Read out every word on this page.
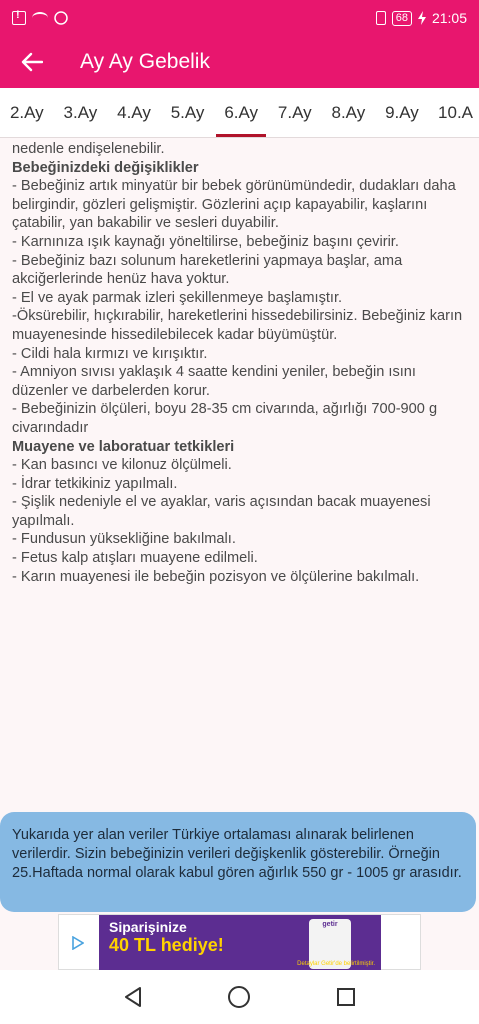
!
68 21:05
Ay Ay Gebelik
2.Ay	3.Ay	4.Ay	5.Ay	6.Ay	7.Ay	8.Ay	9.Ay	10.A

nedenle endişelenebilir.

Bebeğinizdeki değişiklikler

- Bebeğiniz artık minyatür bir bebek görünümündedir, dudakları daha belirgindir, gözleri gelişmiştir. Gözlerini açıp kapayabilir, kaşlarını çatabilir, yan bakabilir ve sesleri duyabilir.

- Karnınıza ışık kaynağı yöneltilirse, bebeğiniz başını çevirir.

- Bebeğiniz bazı solunum hareketlerini yapmaya başlar, ama akciğerlerinde henüz hava yoktur.

- El ve ayak parmak izleri şekillenmeye başlamıştır.

-Öksürebilir, hıçkırabilir, hareketlerini hissedebilirsiniz. Bebeğiniz karın muayenesinde hissedilebilecek kadar büyümüştür.

- Cildi hala kırmızı ve kırışıktır.

- Amniyon sıvısı yaklaşık 4 saatte kendini yeniler, bebeğin ısını düzenler ve darbelerden korur.

- Bebeğinizin ölçüleri, boyu 28-35 cm civarında, ağırlığı 700-900 g civarındadır

Muayene ve laboratuar tetkikleri

- Kan basıncı ve kilonuz ölçülmeli.

- İdrar tetkikiniz yapılmalı.

- Şişlik nedeniyle el ve ayaklar, varis açısından bacak muayenesi yapılmalı.

- Fundusun yüksekliğine bakılmalı.

- Fetus kalp atışları muayene edilmeli.

- Karın muayenesi ile bebeğin pozisyon ve ölçülerine bakılmalı.

Yukarıda yer alan veriler Türkiye ortalaması alınarak belirlenen verilerdir. Sizin bebeğinizin verileri değişkenlik gösterebilir. Örneğin 25.Haftada normal olarak kabul gören ağırlık 550 gr - 1005 gr arasıdır.
Siparişinize
40 TL hediye!
getir
Detaylar Getir'de belirtilmiştir.
